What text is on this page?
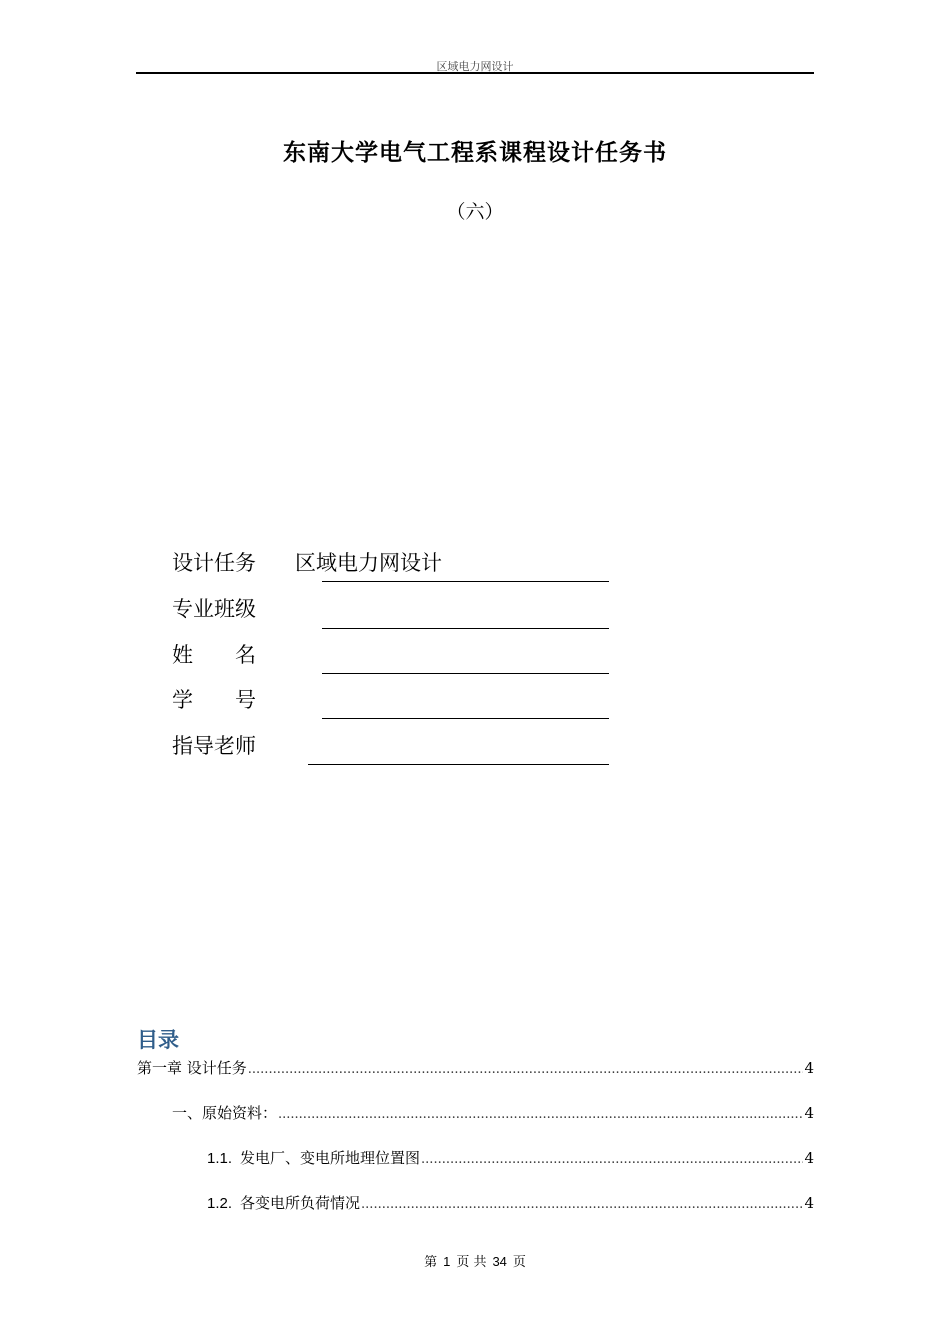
区域电力网设计
东南大学电气工程系课程设计任务书
（六）
设计任务 区域电力网设计
专业班级
姓　　名
学　　号
指导老师
目录
第一章 设计任务 .....	4
一、原始资料： .....	4
1.1. 发电厂、变电所地理位置图 .....	4
1.2. 各变电所负荷情况 .....	4
第 1 页 共 34 页
